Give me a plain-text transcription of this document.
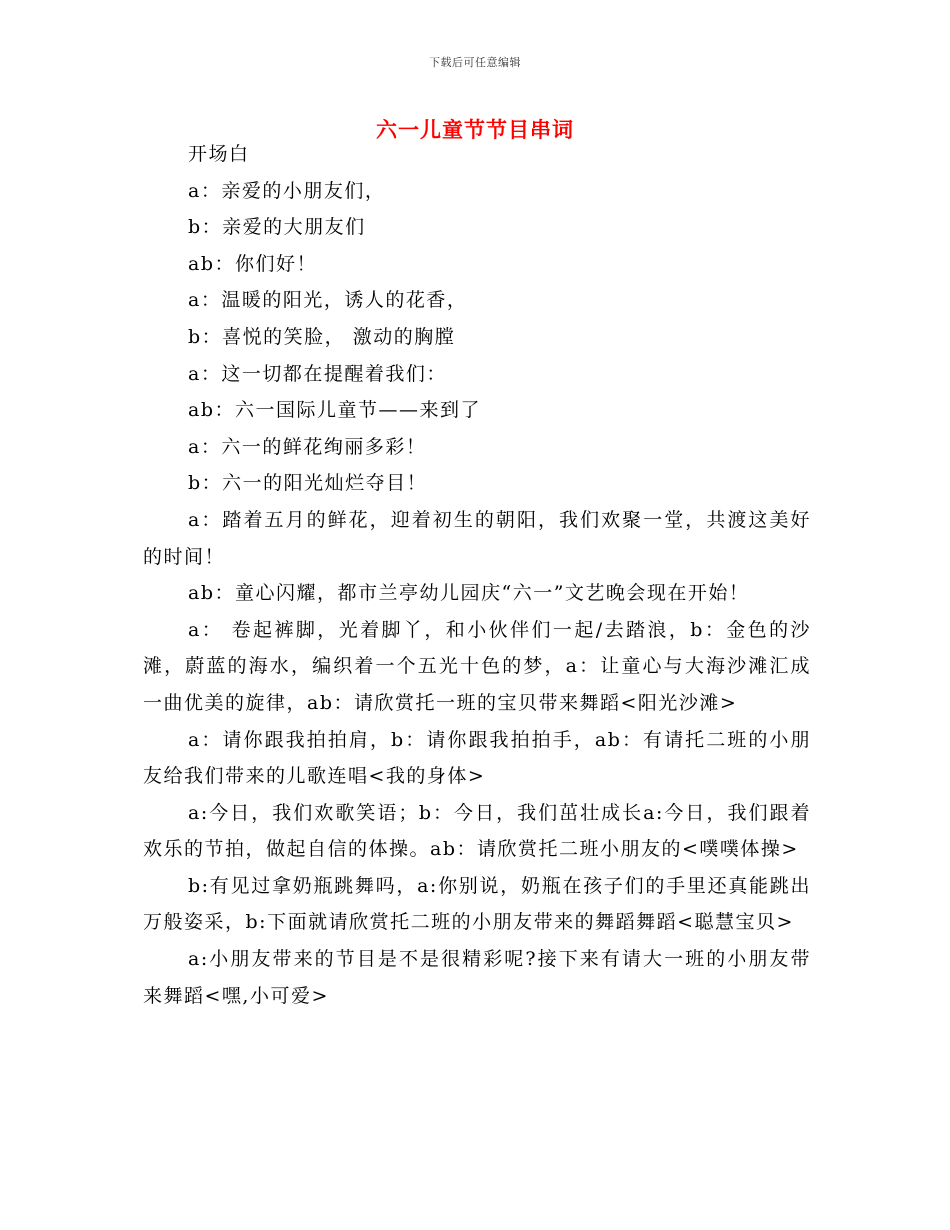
下载后可任意编辑
六一儿童节节目串词

开场白

a：亲爱的小朋友们，

b：亲爱的大朋友们

ab：你们好！

a：温暖的阳光，诱人的花香，

b：喜悦的笑脸， 激动的胸膛

a：这一切都在提醒着我们：

ab：六一国际儿童节——来到了

a：六一的鲜花绚丽多彩！

b：六一的阳光灿烂夺目！

a：踏着五月的鲜花，迎着初生的朝阳，我们欢聚一堂，共渡这美好的时间！

ab：童心闪耀，都市兰亭幼儿园庆“六一”文艺晚会现在开始！

a： 卷起裤脚，光着脚丫，和小伙伴们一起/去踏浪，b：金色的沙滩，蔚蓝的海水，编织着一个五光十色的梦，a：让童心与大海沙滩汇成一曲优美的旋律，ab：请欣赏托一班的宝贝带来舞蹈<阳光沙滩>

a：请你跟我拍拍肩，b：请你跟我拍拍手，ab：有请托二班的小朋友给我们带来的儿歌连唱<我的身体>

a:今日，我们欢歌笑语；b：今日，我们茁壮成长a:今日，我们跟着欢乐的节拍，做起自信的体操。ab：请欣赏托二班小朋友的<噗噗体操>

b:有见过拿奶瓶跳舞吗，a:你别说，奶瓶在孩子们的手里还真能跳出万般姿采，b:下面就请欣赏托二班的小朋友带来的舞蹈舞蹈<聪慧宝贝>

a:小朋友带来的节目是不是很精彩呢?接下来有请大一班的小朋友带来舞蹈<嘿,小可爱>
